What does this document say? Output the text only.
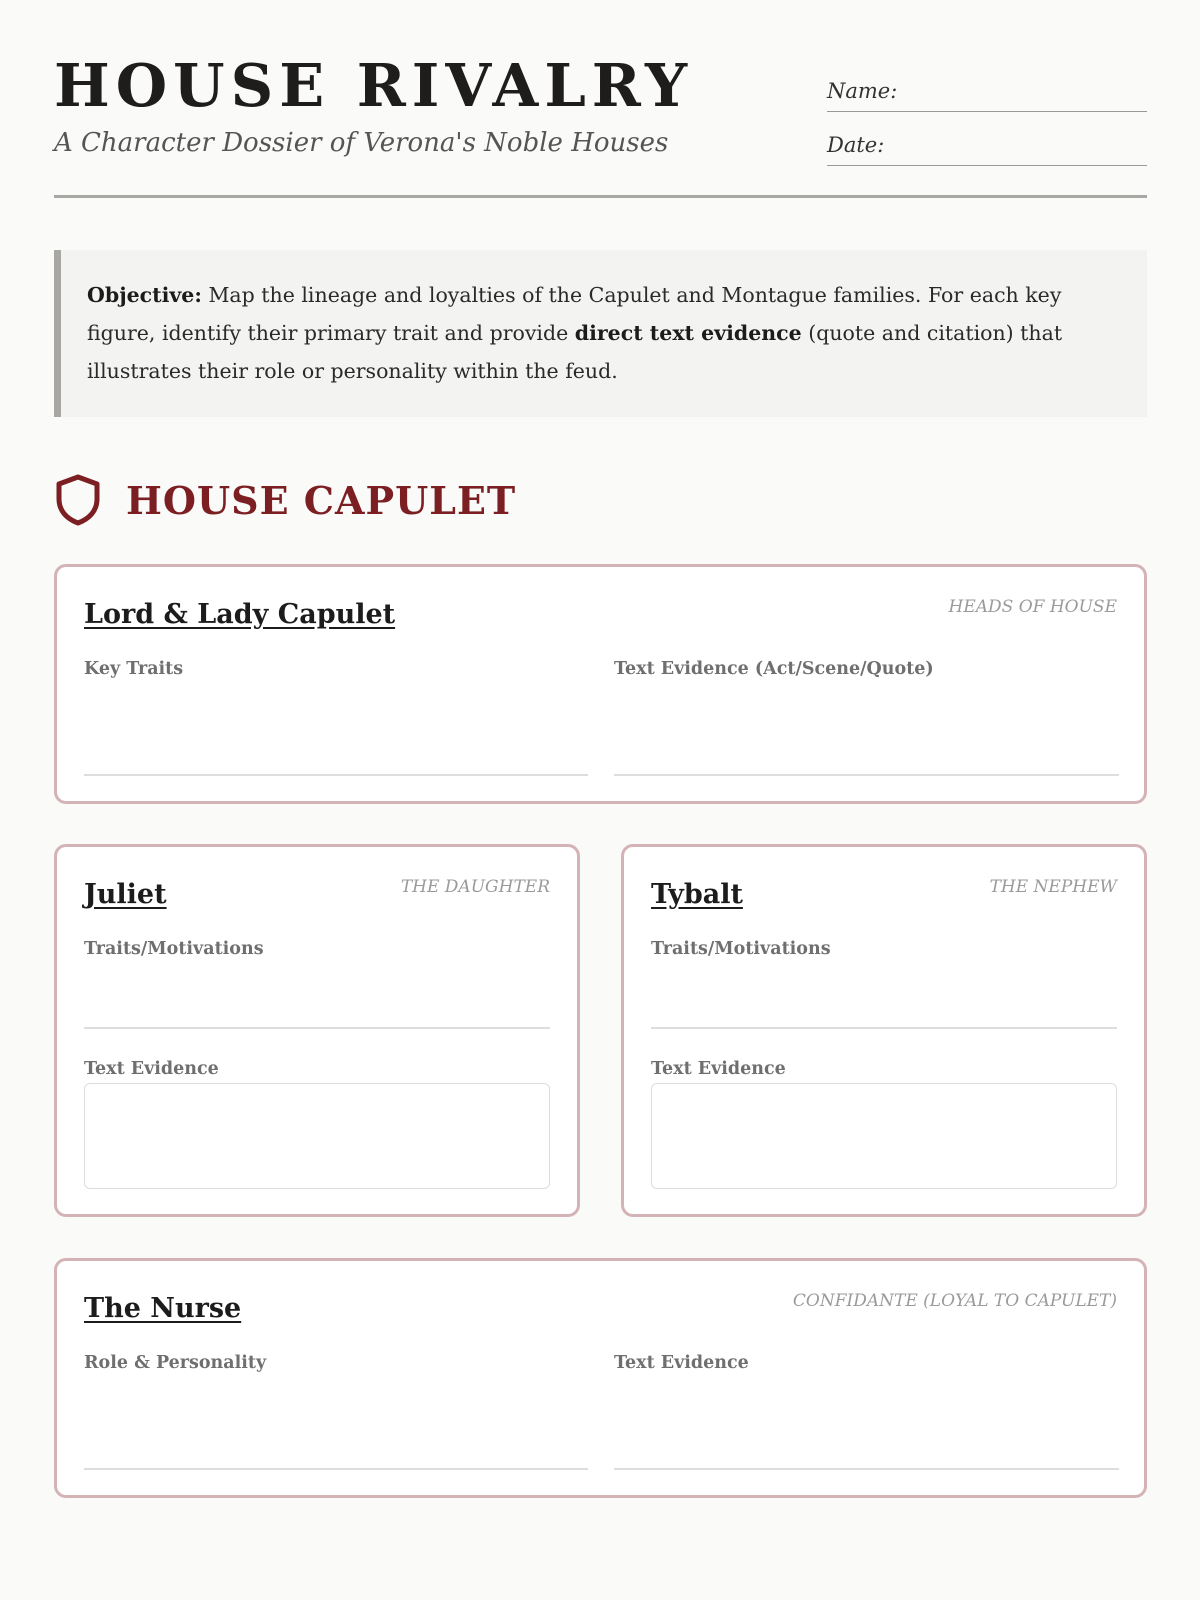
HOUSE RIVALRY
A Character Dossier of Verona's Noble Houses
Name:
Date:
Objective: Map the lineage and loyalties of the Capulet and Montague families. For each key figure, identify their primary trait and provide direct text evidence (quote and citation) that illustrates their role or personality within the feud.
HOUSE CAPULET
Lord & Lady Capulet	HEADS OF HOUSE
Key Traits	Text Evidence (Act/Scene/Quote)
Juliet	THE DAUGHTER
Traits/Motivations
Text Evidence
Tybalt	THE NEPHEW
Traits/Motivations
Text Evidence
The Nurse	CONFIDANTE (LOYAL TO CAPULET)
Role & Personality	Text Evidence
